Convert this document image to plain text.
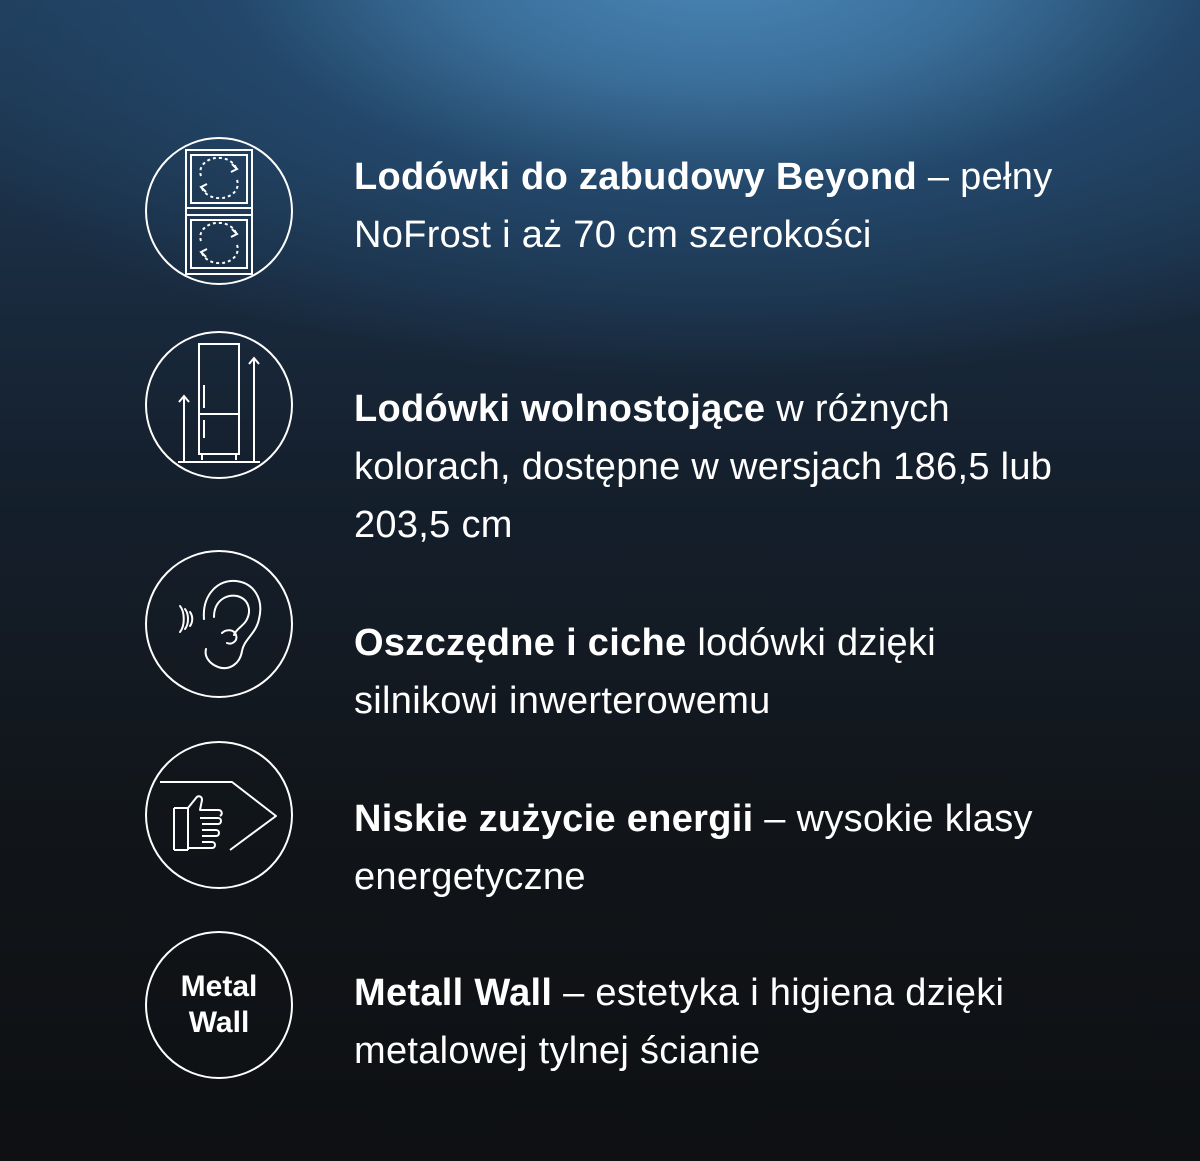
Lodówki do zabudowy Beyond – pełny NoFrost i aż 70 cm szerokości
Lodówki wolnostojące w różnych kolorach, dostępne w wersjach 186,5 lub 203,5 cm
Oszczędne i ciche lodówki dzięki silnikowi inwerterowemu
Niskie zużycie energii – wysokie klasy energetyczne
Metal
Wall
Metall Wall – estetyka i higiena dzięki metalowej tylnej ścianie
